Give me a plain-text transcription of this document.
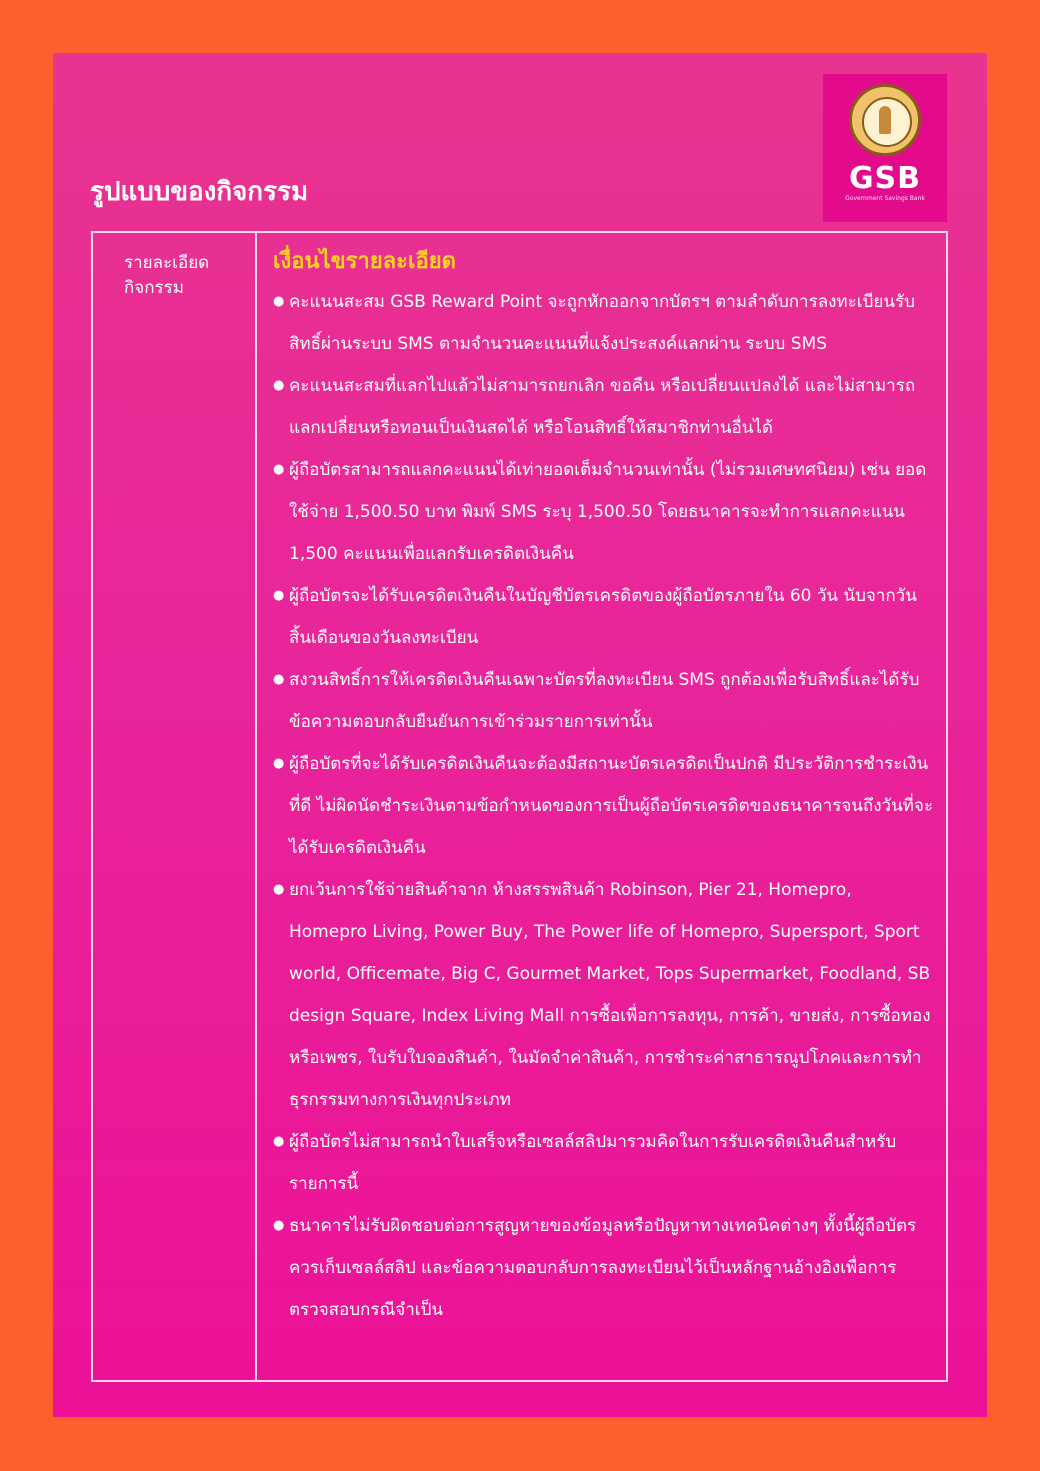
GSB
Government Savings Bank
รูปแบบของกิจกรรม
รายละเอียด
กิจกรรม
เงื่อนไขรายละเอียด
● คะแนนสะสม GSB Reward Point จะถูกหักออกจากบัตรฯ ตามลำดับการลงทะเบียนรับสิทธิ์ผ่านระบบ SMS ตามจำนวนคะแนนที่แจ้งประสงค์แลกผ่าน ระบบ SMS
● คะแนนสะสมที่แลกไปแล้วไม่สามารถยกเลิก ขอคืน หรือเปลี่ยนแปลงได้ และไม่สามารถแลกเปลี่ยนหรือทอนเป็นเงินสดได้ หรือโอนสิทธิ์ให้สมาชิกท่านอื่นได้
● ผู้ถือบัตรสามารถแลกคะแนนได้เท่ายอดเต็มจำนวนเท่านั้น (ไม่รวมเศษทศนิยม) เช่น ยอดใช้จ่าย 1,500.50 บาท พิมพ์ SMS ระบุ 1,500.50 โดยธนาคารจะทำการแลกคะแนน 1,500 คะแนนเพื่อแลกรับเครดิตเงินคืน
● ผู้ถือบัตรจะได้รับเครดิตเงินคืนในบัญชีบัตรเครดิตของผู้ถือบัตรภายใน 60 วัน นับจากวันสิ้นเดือนของวันลงทะเบียน
● สงวนสิทธิ์การให้เครดิตเงินคืนเฉพาะบัตรที่ลงทะเบียน SMS ถูกต้องเพื่อรับสิทธิ์และได้รับข้อความตอบกลับยืนยันการเข้าร่วมรายการเท่านั้น
● ผู้ถือบัตรที่จะได้รับเครดิตเงินคืนจะต้องมีสถานะบัตรเครดิตเป็นปกติ มีประวัติการชำระเงินที่ดี ไม่ผิดนัดชำระเงินตามข้อกำหนดของการเป็นผู้ถือบัตรเครดิตของธนาคารจนถึงวันที่จะได้รับเครดิตเงินคืน
● ยกเว้นการใช้จ่ายสินค้าจาก ห้างสรรพสินค้า Robinson, Pier 21, Homepro, Homepro Living, Power Buy, The Power life of Homepro, Supersport, Sport world, Officemate, Big C, Gourmet Market, Tops Supermarket, Foodland, SB design Square, Index Living Mall การซื้อเพื่อการลงทุน, การค้า, ขายส่ง, การซื้อทองหรือเพชร, ใบรับใบจองสินค้า, ในมัดจำค่าสินค้า, การชำระค่าสาธารณูปโภคและการทำธุรกรรมทางการเงินทุกประเภท
● ผู้ถือบัตรไม่สามารถนำใบเสร็จหรือเซลล์สลิปมารวมคิดในการรับเครดิตเงินคืนสำหรับรายการนี้
● ธนาคารไม่รับผิดชอบต่อการสูญหายของข้อมูลหรือปัญหาทางเทคนิคต่างๆ ทั้งนี้ผู้ถือบัตรควรเก็บเซลล์สลิป และข้อความตอบกลับการลงทะเบียนไว้เป็นหลักฐานอ้างอิงเพื่อการตรวจสอบกรณีจำเป็น
